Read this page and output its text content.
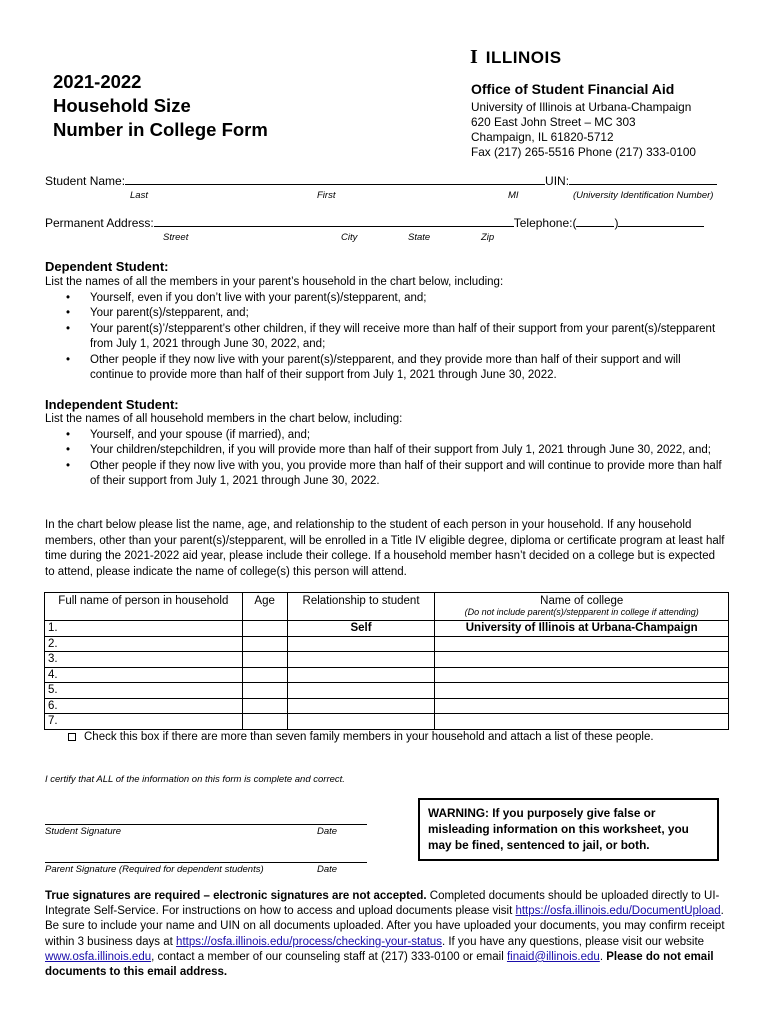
I ILLINOIS
2021-2022
Household Size
Number in College Form
Office of Student Financial Aid
University of Illinois at Urbana-Champaign
620 East John Street – MC 303
Champaign, IL 61820-5712
Fax (217) 265-5516 Phone (217) 333-0100
Student Name:	UIN:
Last	First	MI	(University Identification Number)
Permanent Address:	Telephone:(	)
Street	City	State	Zip
Dependent Student:
List the names of all the members in your parent’s household in the chart below, including:
• Yourself, even if you don’t live with your parent(s)/stepparent, and;
• Your parent(s)/stepparent, and;
• Your parent(s)’/stepparent’s other children, if they will receive more than half of their support from your parent(s)/stepparent from July 1, 2021 through June 30, 2022, and;
• Other people if they now live with your parent(s)/stepparent, and they provide more than half of their support and will continue to provide more than half of their support from July 1, 2021 through June 30, 2022.
Independent Student:
List the names of all household members in the chart below, including:
• Yourself, and your spouse (if married), and;
• Your children/stepchildren, if you will provide more than half of their support from July 1, 2021 through June 30, 2022, and;
• Other people if they now live with you, you provide more than half of their support and will continue to provide more than half of their support from July 1, 2021 through June 30, 2022.
In the chart below please list the name, age, and relationship to the student of each person in your household. If any household members, other than your parent(s)/stepparent, will be enrolled in a Title IV eligible degree, diploma or certificate program at least half time during the 2021-2022 aid year, please include their college. If a household member hasn’t decided on a college but is expected to attend, please indicate the name of college(s) this person will attend.
Full name of person in household	Age	Relationship to student	Name of college
(Do not include parent(s)/stepparent in college if attending)

1.		Self	University of Illinois at Urbana-Champaign
2.			
3.			
4.			
5.			
6.			
7.			
Check this box if there are more than seven family members in your household and attach a list of these people.
I certify that ALL of the information on this form is complete and correct.
Student Signature	Date
Parent Signature (Required for dependent students)	Date
WARNING: If you purposely give false or misleading information on this worksheet, you may be fined, sentenced to jail, or both.
True signatures are required – electronic signatures are not accepted. Completed documents should be uploaded directly to UI-Integrate Self-Service. For instructions on how to access and upload documents please visit https://osfa.illinois.edu/DocumentUpload. Be sure to include your name and UIN on all documents uploaded. After you have uploaded your documents, you may confirm receipt within 3 business days at https://osfa.illinois.edu/process/checking-your-status. If you have any questions, please visit our website www.osfa.illinois.edu, contact a member of our counseling staff at (217) 333-0100 or email finaid@illinois.edu. Please do not email documents to this email address.
